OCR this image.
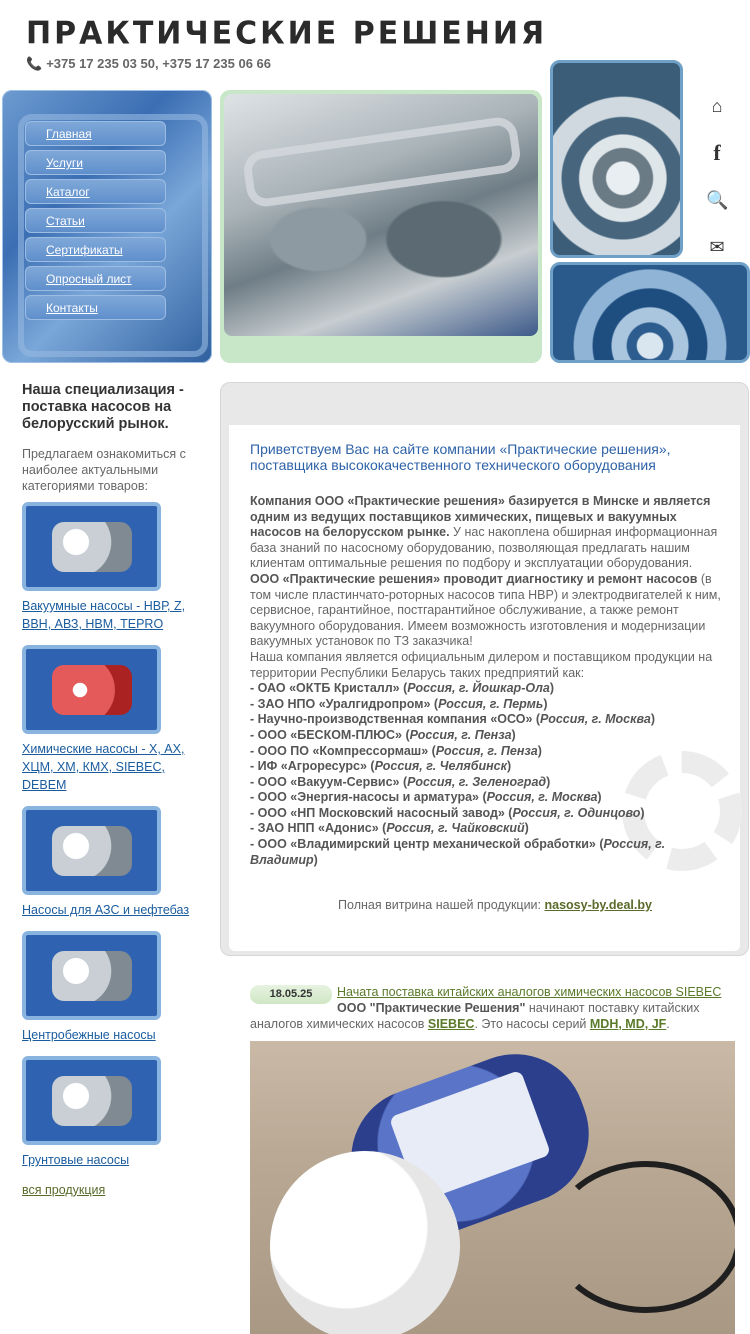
ПРАКТИЧЕСКИЕ РЕШЕНИЯ
📞 +375 17 235 03 50, +375 17 235 06 66
Главная
Услуги
Каталог
Статьи
Сертификаты
Опросный лист
Контакты
⌂
f
🔍
✉

Наша специализация - поставка насосов на белорусский рынок.

Предлагаем ознакомиться с наиболее актуальными категориями товаров:

Вакуумные насосы - НВР, Z, ВВН, АВЗ, НВМ, TEPRO
Химические насосы - Х, АХ, ХЦМ, ХМ, КМХ, SIEBEC, DEBEM
Насосы для АЗС и нефтебаз
Центробежные насосы
Грунтовые насосы
вся продукция
Приветствуем Вас на сайте компании «Практические решения», поставщика высококачественного технического оборудования
Компания ООО «Практические решения» базируется в Минске и является одним из ведущих поставщиков химических, пищевых и вакуумных насосов на белорусском рынке. У нас накоплена обширная информационная база знаний по насосному оборудованию, позволяющая предлагать нашим клиентам оптимальные решения по подбору и эксплуатации оборудования.
ООО «Практические решения» проводит диагностику и ремонт насосов (в том числе пластинчато-роторных насосов типа НВР) и электродвигателей к ним, сервисное, гарантийное, постгарантийное обслуживание, а также ремонт вакуумного оборудования. Имеем возможность изготовления и модернизации вакуумных установок по ТЗ заказчика!
Наша компания является официальным дилером и поставщиком продукции на территории Республики Беларусь таких предприятий как:
- ОАО «ОКТБ Кристалл» (Россия, г. Йошкар-Ола)
- ЗАО НПО «Уралгидропром» (Россия, г. Пермь)
- Научно-производственная компания «ОСО» (Россия, г. Москва)
- ООО «БЕСКОМ-ПЛЮС» (Россия, г. Пенза)
- ООО ПО «Компрессормаш» (Россия, г. Пенза)
- ИФ «Агроресурс» (Россия, г. Челябинск)
- ООО «Вакуум-Сервис» (Россия, г. Зеленоград)
- ООО «Энергия-насосы и арматура» (Россия, г. Москва)
- ООО «НП Московский насосный завод» (Россия, г. Одинцово)
- ЗАО НПП «Адонис» (Россия, г. Чайковский)
- ООО «Владимирский центр механической обработки» (Россия, г. Владимир)
Полная витрина нашей продукции: nasosy-by.deal.by
18.05.25	Начата поставка китайских аналогов химических насосов SIEBEC
ООО "Практические Решения" начинают поставку китайских аналогов химических насосов SIEBEC. Это насосы серий MDH, MD, JF.
